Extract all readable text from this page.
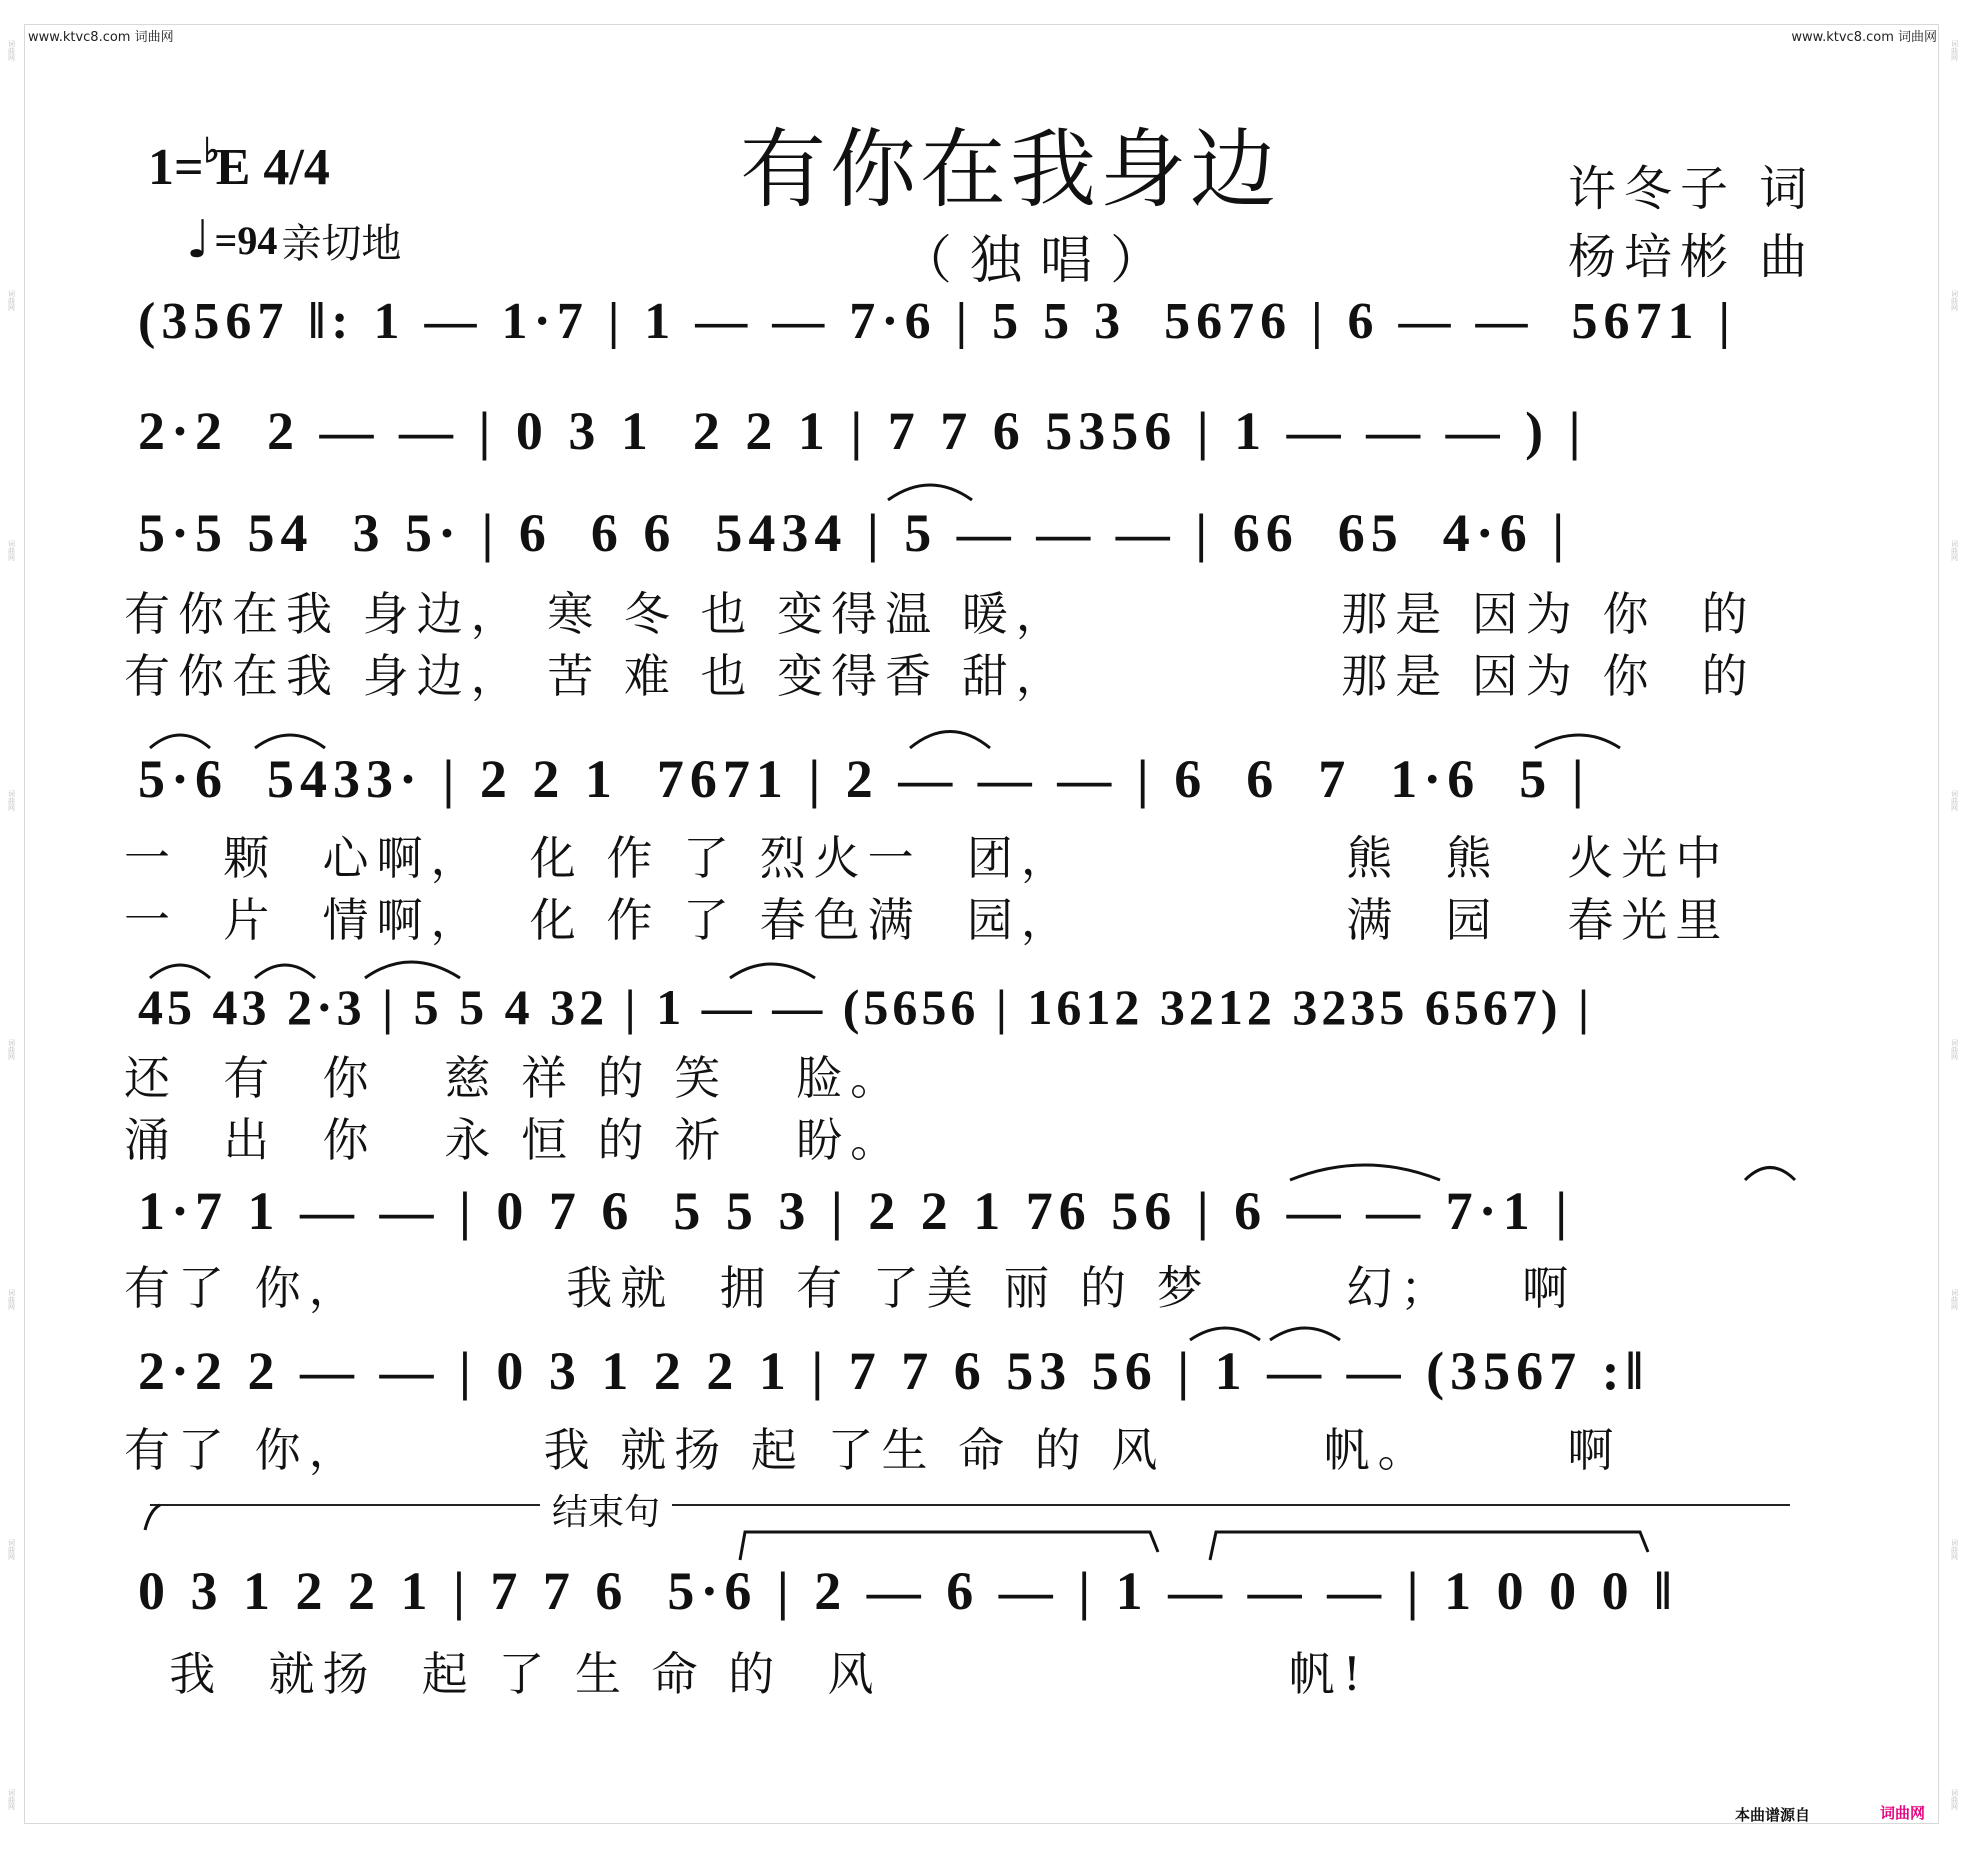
词曲网
词曲网
词曲网
词曲网
词曲网
词曲网
词曲网
词曲网
词曲网
词曲网
词曲网
词曲网
词曲网
词曲网
词曲网
词曲网
www.ktvc8.com 词曲网	www.ktvc8.com 词曲网
有你在我身边
（独唱）
1=♭E 4/4
♩ =94 亲切地
许冬子 词
杨培彬 曲
(3567 ‖: 1 — 1·7 | 1 — — 7·6 | 5 5 3  5676 | 6 — —  5671 |
2·2  2 — — | 0 3 1  2 2 1 | 7 7 6 5356 | 1 — — — ) |
5·5 54  3 5· | 6  6 6  5434 | 5 — — — | 66  65  4·6 |
有你在我 身边， 寒 冬 也 变得温 暖，            那是 因为 你  的
有你在我 身边， 苦 难 也 变得香 甜，            那是 因为 你  的
5·6  5433· | 2 2 1  7671 | 2 — — — | 6  6  7  1·6  5 |
一  颗  心啊，  化 作 了 烈火一  团，            熊  熊   火光中
一  片  情啊，  化 作 了 春色满  园，            满  园   春光里
45 43 2·3 | 5 5 4 32 | 1 — — (5656 | 1612 3212 3235 6567) |
还  有  你   慈 祥 的 笑   脸。
涌  出  你   永 恒 的 祈   盼。
1·7 1 — — | 0 7 6  5 5 3 | 2 2 1 76 56 | 6 — — 7·1 |
有了 你，         我就  拥 有 了美 丽 的 梦      幻；   啊
2·2 2 — — | 0 3 1 2 2 1 | 7 7 6 53 56 | 1 — — (3567 :‖
有了 你，        我 就扬 起 了生 命 的 风       帆。      啊
结束句
0 3 1 2 2 1 | 7 7 6  5·6 | 2 — 6 — | 1 — — — | 1 0 0 0 ‖
我  就扬  起 了 生 命 的  风                  帆!
本曲谱源自	词曲网
